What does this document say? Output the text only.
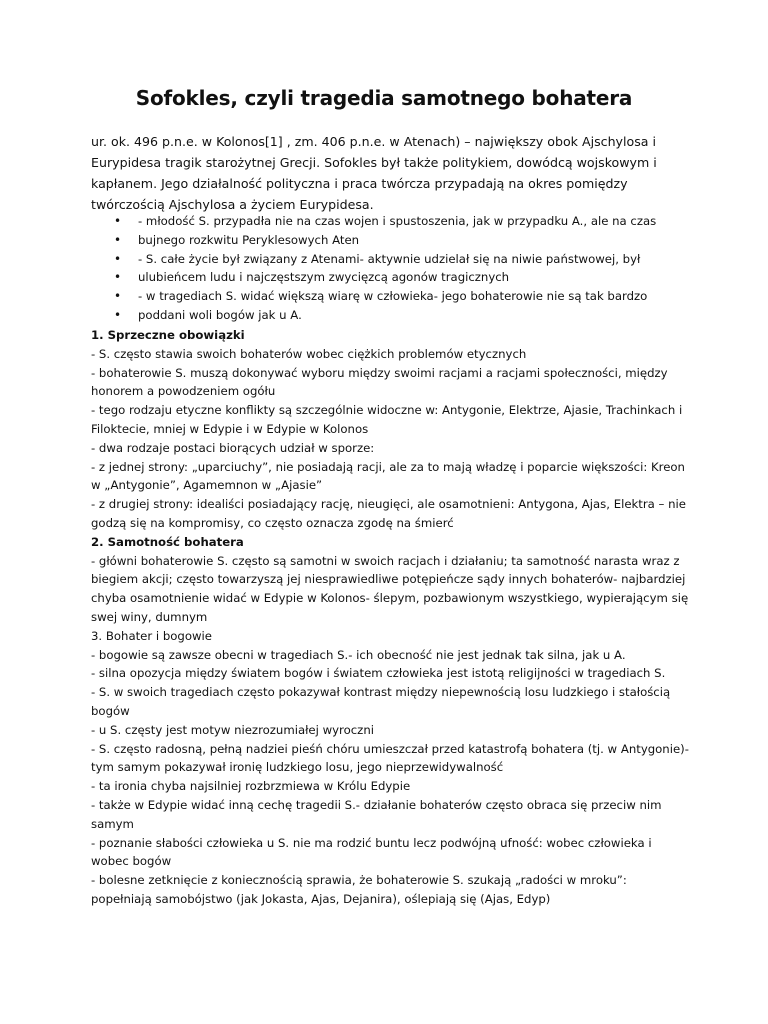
Sofokles, czyli tragedia samotnego bohatera

ur. ok. 496 p.n.e. w Kolonos[1] , zm. 406 p.n.e. w Atenach) – największy obok Ajschylosa i Eurypidesa tragik starożytnej Grecji. Sofokles był także politykiem, dowódcą wojskowym i kapłanem. Jego działalność polityczna i praca twórcza przypadają na okres pomiędzy twórczością Ajschylosa a życiem Eurypidesa.

• - młodość S. przypadła nie na czas wojen i spustoszenia, jak w przypadku A., ale na czas
• bujnego rozkwitu Peryklesowych Aten
• - S. całe życie był związany z Atenami- aktywnie udzielał się na niwie państwowej, był
• ulubieńcem ludu i najczęstszym zwycięzcą agonów tragicznych
• - w tragediach S. widać większą wiarę w człowieka- jego bohaterowie nie są tak bardzo
• poddani woli bogów jak u A.

1. Sprzeczne obowiązki

- S. często stawia swoich bohaterów wobec ciężkich problemów etycznych

- bohaterowie S. muszą dokonywać wyboru między swoimi racjami a racjami społeczności, między honorem a powodzeniem ogółu

- tego rodzaju etyczne konflikty są szczególnie widoczne w: Antygonie, Elektrze, Ajasie, Trachinkach i Filoktecie, mniej w Edypie i w Edypie w Kolonos

- dwa rodzaje postaci biorących udział w sporze:

- z jednej strony: „uparciuchy”, nie posiadają racji, ale za to mają władzę i poparcie większości: Kreon w „Antygonie”, Agamemnon w „Ajasie”

- z drugiej strony: idealiści posiadający rację, nieugięci, ale osamotnieni: Antygona, Ajas, Elektra – nie godzą się na kompromisy, co często oznacza zgodę na śmierć

2. Samotność bohatera

- główni bohaterowie S. często są samotni w swoich racjach i działaniu; ta samotność narasta wraz z biegiem akcji; często towarzyszą jej niesprawiedliwe potępieńcze sądy innych bohaterów- najbardziej chyba osamotnienie widać w Edypie w Kolonos- ślepym, pozbawionym wszystkiego, wypierającym się swej winy, dumnym

3. Bohater i bogowie

- bogowie są zawsze obecni w tragediach S.- ich obecność nie jest jednak tak silna, jak u A.

- silna opozycja między światem bogów i światem człowieka jest istotą religijności w tragediach S.

- S. w swoich tragediach często pokazywał kontrast między niepewnością losu ludzkiego i stałością bogów

- u S. częsty jest motyw niezrozumiałej wyroczni

- S. często radosną, pełną nadziei pieśń chóru umieszczał przed katastrofą bohatera (tj. w Antygonie)- tym samym pokazywał ironię ludzkiego losu, jego nieprzewidywalność

- ta ironia chyba najsilniej rozbrzmiewa w Królu Edypie

- także w Edypie widać inną cechę tragedii S.- działanie bohaterów często obraca się przeciw nim samym

- poznanie słabości człowieka u S. nie ma rodzić buntu lecz podwójną ufność: wobec człowieka i wobec bogów

- bolesne zetknięcie z koniecznością sprawia, że bohaterowie S. szukają „radości w mroku”: popełniają samobójstwo (jak Jokasta, Ajas, Dejanira), oślepiają się (Ajas, Edyp)
